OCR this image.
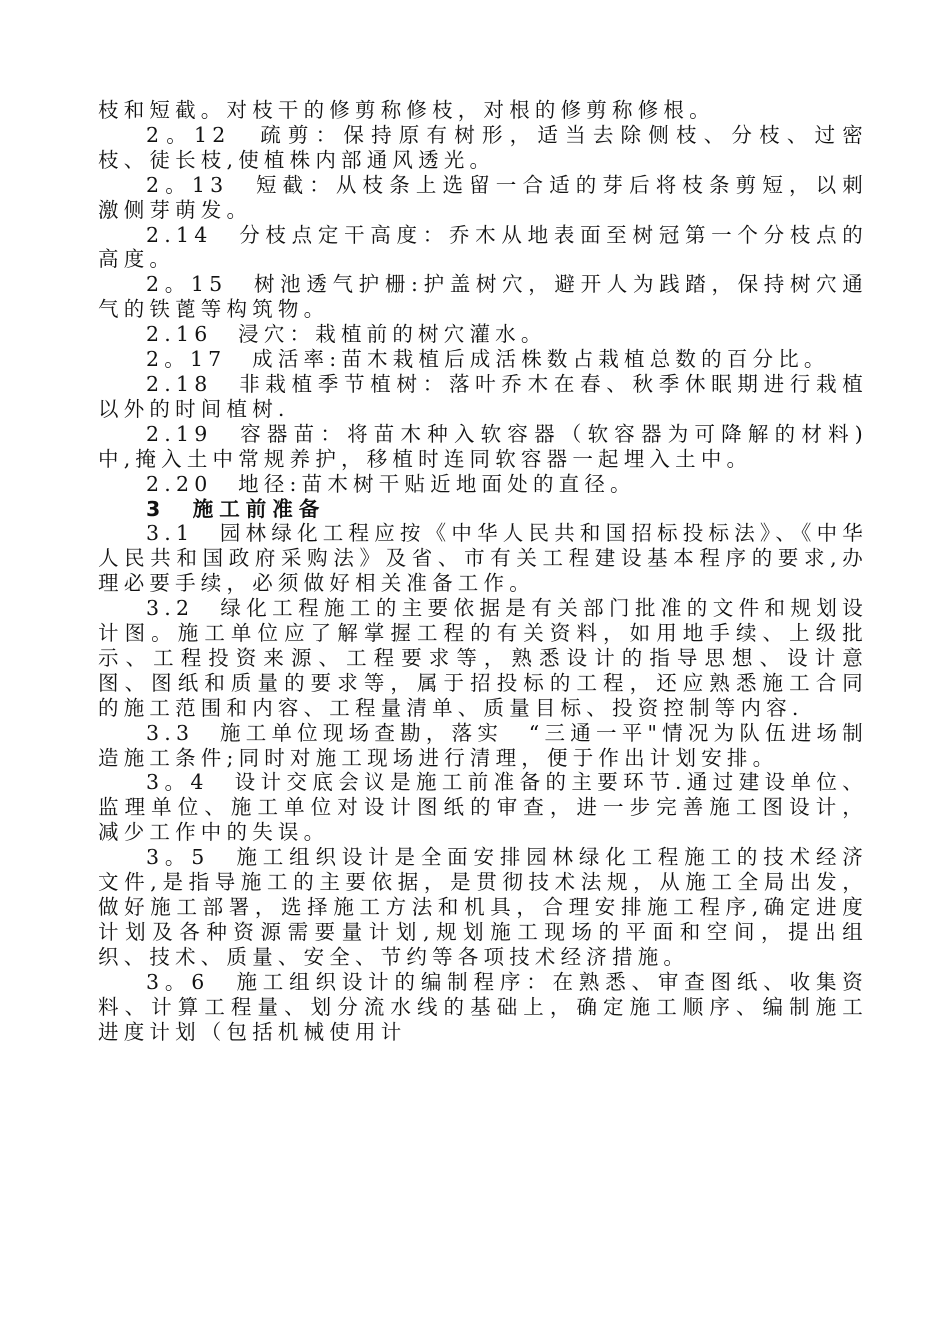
枝和短截。对枝干的修剪称修枝，对根的修剪称修根。

2。12　疏剪：保持原有树形，适当去除侧枝、分枝、过密枝、徒长枝,使植株内部通风透光。

2。13　短截：从枝条上选留一合适的芽后将枝条剪短，以刺激侧芽萌发。

2.14　分枝点定干高度：乔木从地表面至树冠第一个分枝点的高度。

2。15　树池透气护栅:护盖树穴，避开人为践踏，保持树穴通气的铁蓖等构筑物。

2.16　浸穴：栽植前的树穴灌水。

2。17　成活率:苗木栽植后成活株数占栽植总数的百分比。

2.18　非栽植季节植树：落叶乔木在春、秋季休眠期进行栽植以外的时间植树.

2.19　容器苗：将苗木种入软容器（软容器为可降解的材料)中,掩入土中常规养护，移植时连同软容器一起埋入土中。

2.20　地径:苗木树干贴近地面处的直径。

3　施工前准备

3.1　园林绿化工程应按《中华人民共和国招标投标法》、《中华人民共和国政府采购法》及省、市有关工程建设基本程序的要求,办理必要手续，必须做好相关准备工作。

3.2　绿化工程施工的主要依据是有关部门批准的文件和规划设计图。施工单位应了解掌握工程的有关资料，如用地手续、上级批示、工程投资来源、工程要求等，熟悉设计的指导思想、设计意图、图纸和质量的要求等，属于招投标的工程，还应熟悉施工合同的施工范围和内容、工程量清单、质量目标、投资控制等内容.

3.3　施工单位现场查勘，落实　“三通一平"情况为队伍进场制造施工条件;同时对施工现场进行清理，便于作出计划安排。

3。4　设计交底会议是施工前准备的主要环节.通过建设单位、监理单位、施工单位对设计图纸的审查，进一步完善施工图设计，减少工作中的失误。

3。5　施工组织设计是全面安排园林绿化工程施工的技术经济文件,是指导施工的主要依据，是贯彻技术法规，从施工全局出发，做好施工部署，选择施工方法和机具，合理安排施工程序,确定进度计划及各种资源需要量计划,规划施工现场的平面和空间，提出组织、技术、质量、安全、节约等各项技术经济措施。

3。6　施工组织设计的编制程序：在熟悉、审查图纸、收集资料、计算工程量、划分流水线的基础上，确定施工顺序、编制施工进度计划（包括机械使用计
